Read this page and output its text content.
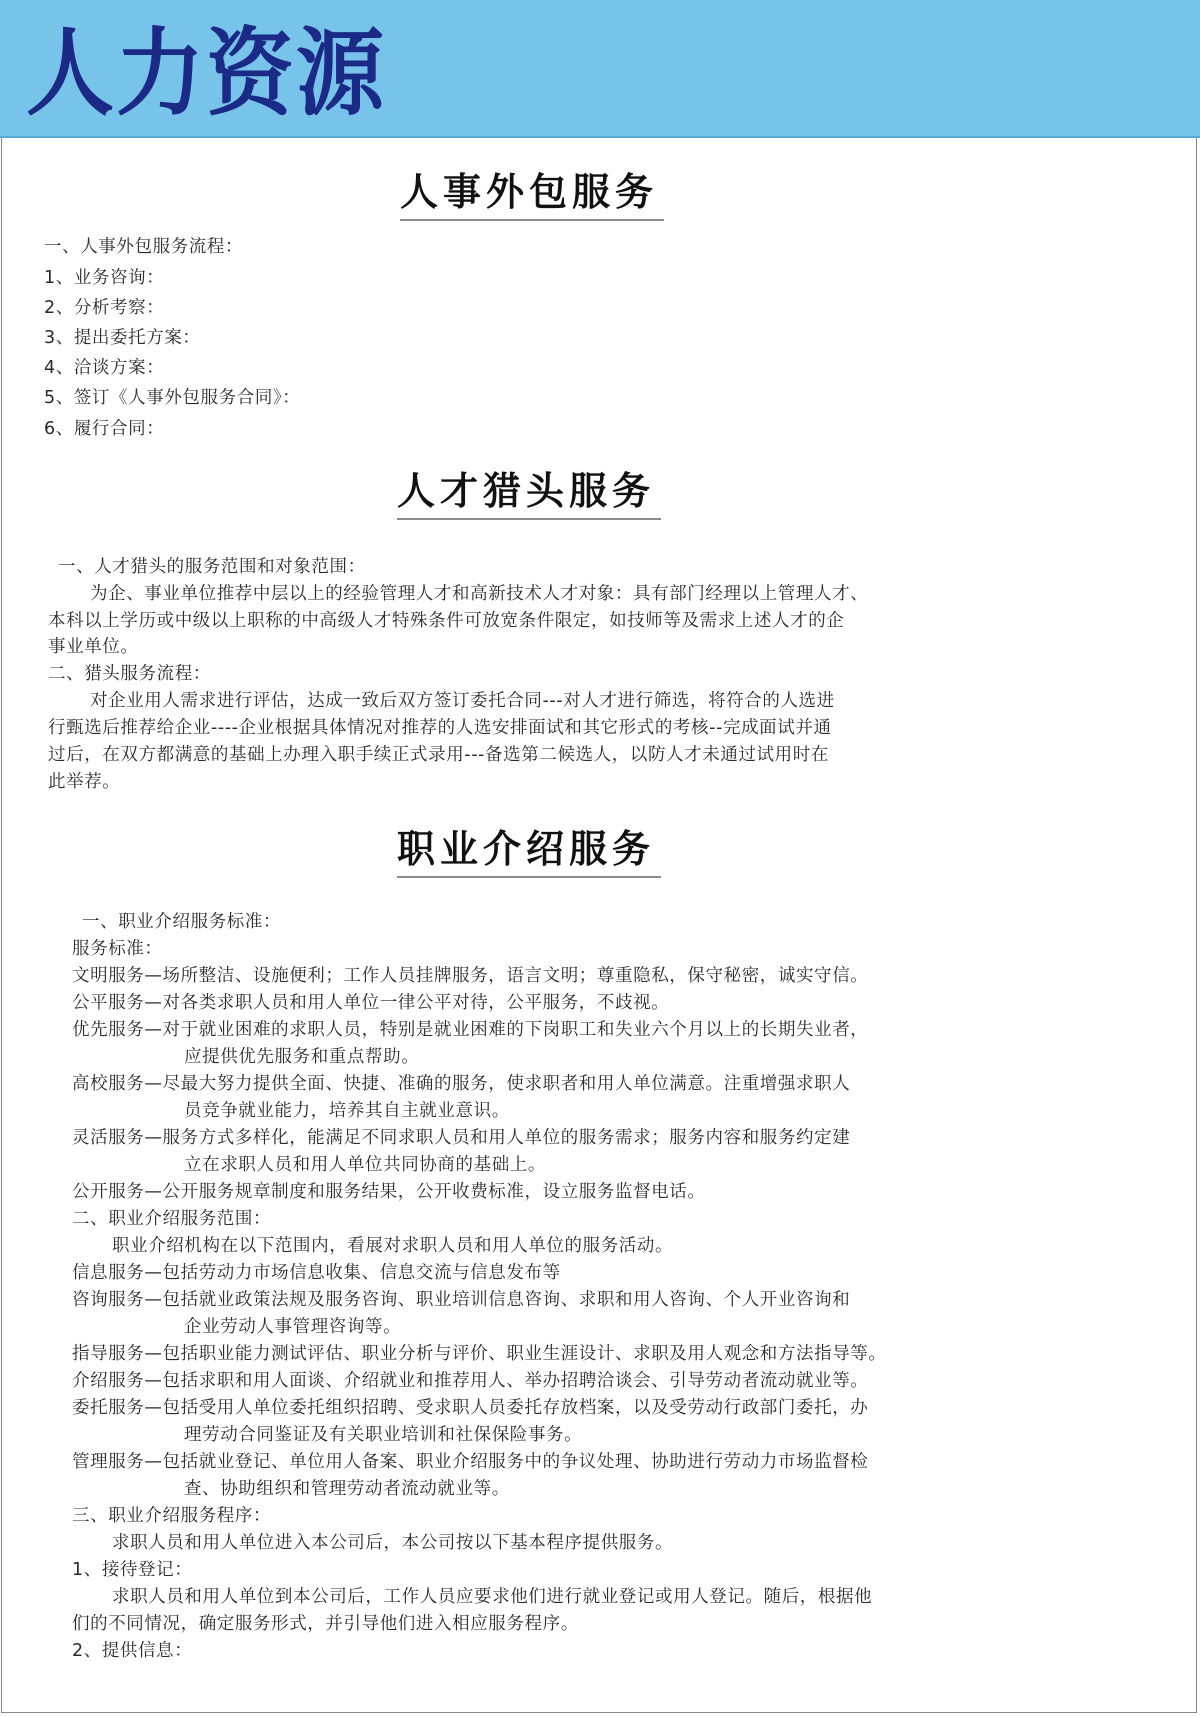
人力资源
人事外包服务
一、人事外包服务流程：
1、业务咨询：
2、分析考察：
3、提出委托方案：
4、洽谈方案：
5、签订《人事外包服务合同》：
6、履行合同：
人才猎头服务
一、人才猎头的服务范围和对象范围：
为企、事业单位推荐中层以上的经验管理人才和高新技术人才对象：具有部门经理以上管理人才、
本科以上学历或中级以上职称的中高级人才特殊条件可放宽条件限定，如技师等及需求上述人才的企
事业单位。
二、猎头服务流程：
对企业用人需求进行评估，达成一致后双方签订委托合同---对人才进行筛选，将符合的人选进
行甄选后推荐给企业----企业根据具体情况对推荐的人选安排面试和其它形式的考核--完成面试并通
过后，在双方都满意的基础上办理入职手续正式录用---备选第二候选人，以防人才未通过试用时在
此举荐。
职业介绍服务
一、职业介绍服务标准：
服务标准：
文明服务—场所整洁、设施便利；工作人员挂牌服务，语言文明；尊重隐私，保守秘密，诚实守信。
公平服务—对各类求职人员和用人单位一律公平对待，公平服务，不歧视。
优先服务—对于就业困难的求职人员，特别是就业困难的下岗职工和失业六个月以上的长期失业者，
应提供优先服务和重点帮助。
高校服务—尽最大努力提供全面、快捷、准确的服务，使求职者和用人单位满意。注重增强求职人
员竞争就业能力，培养其自主就业意识。
灵活服务—服务方式多样化，能满足不同求职人员和用人单位的服务需求；服务内容和服务约定建
立在求职人员和用人单位共同协商的基础上。
公开服务—公开服务规章制度和服务结果，公开收费标准，设立服务监督电话。
二、职业介绍服务范围：
职业介绍机构在以下范围内，看展对求职人员和用人单位的服务活动。
信息服务—包括劳动力市场信息收集、信息交流与信息发布等
咨询服务—包括就业政策法规及服务咨询、职业培训信息咨询、求职和用人咨询、个人开业咨询和
企业劳动人事管理咨询等。
指导服务—包括职业能力测试评估、职业分析与评价、职业生涯设计、求职及用人观念和方法指导等。
介绍服务—包括求职和用人面谈、介绍就业和推荐用人、举办招聘洽谈会、引导劳动者流动就业等。
委托服务—包括受用人单位委托组织招聘、受求职人员委托存放档案，以及受劳动行政部门委托，办
理劳动合同鉴证及有关职业培训和社保保险事务。
管理服务—包括就业登记、单位用人备案、职业介绍服务中的争议处理、协助进行劳动力市场监督检
查、协助组织和管理劳动者流动就业等。
三、职业介绍服务程序：
求职人员和用人单位进入本公司后，本公司按以下基本程序提供服务。
1、接待登记：
求职人员和用人单位到本公司后，工作人员应要求他们进行就业登记或用人登记。随后，根据他
们的不同情况，确定服务形式，并引导他们进入相应服务程序。
2、提供信息：
